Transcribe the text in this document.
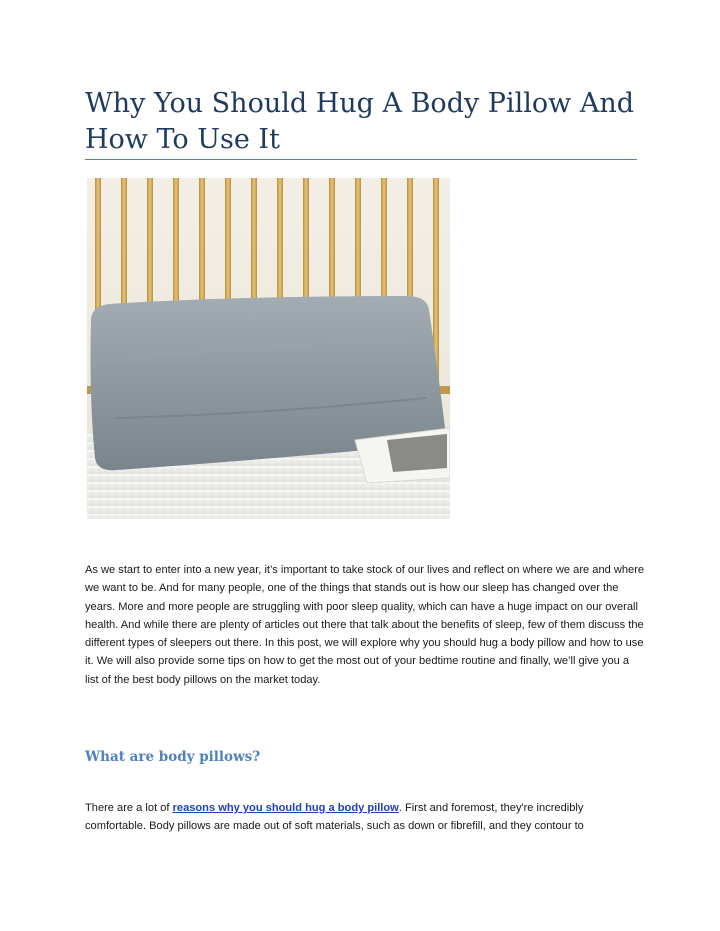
Why You Should Hug A Body Pillow And How To Use It

As we start to enter into a new year, it’s important to take stock of our lives and reflect on where we are and where we want to be. And for many people, one of the things that stands out is how our sleep has changed over the years. More and more people are struggling with poor sleep quality, which can have a huge impact on our overall health. And while there are plenty of articles out there that talk about the benefits of sleep, few of them discuss the different types of sleepers out there. In this post, we will explore why you should hug a body pillow and how to use it. We will also provide some tips on how to get the most out of your bedtime routine and finally, we’ll give you a list of the best body pillows on the market today.

What are body pillows?

There are a lot of reasons why you should hug a body pillow. First and foremost, they're incredibly comfortable. Body pillows are made out of soft materials, such as down or fibrefill, and they contour to
